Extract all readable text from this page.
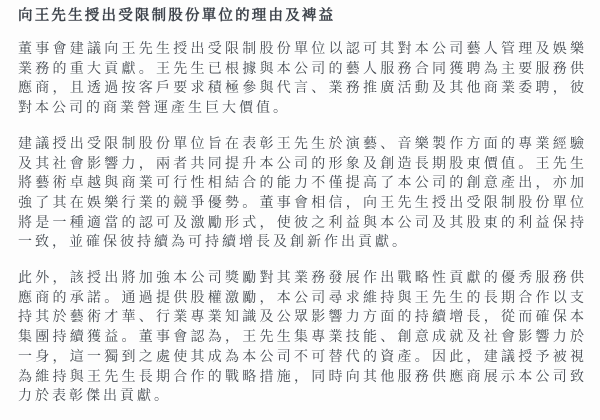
向王先生授出受限制股份單位的理由及裨益

董事會建議向王先生授出受限制股份單位以認可其對本公司藝人管理及娛樂業務的重大貢獻。王先生已根據與本公司的藝人服務合同獲聘為主要服務供應商，且透過按客戶要求積極參與代言、業務推廣活動及其他商業委聘，彼對本公司的商業營運產生巨大價值。

建議授出受限制股份單位旨在表彰王先生於演藝、音樂製作方面的專業經驗及其社會影響力，兩者共同提升本公司的形象及創造長期股東價值。王先生將藝術卓越與商業可行性相結合的能力不僅提高了本公司的創意產出，亦加強了其在娛樂行業的競爭優勢。董事會相信，向王先生授出受限制股份單位將是一種適當的認可及激勵形式，使彼之利益與本公司及其股東的利益保持一致，並確保彼持續為可持續增長及創新作出貢獻。

此外，該授出將加強本公司獎勵對其業務發展作出戰略性貢獻的優秀服務供應商的承諾。通過提供股權激勵，本公司尋求維持與王先生的長期合作以支持其於藝術才華、行業專業知識及公眾影響力方面的持續增長，從而確保本集團持續獲益。董事會認為，王先生集專業技能、創意成就及社會影響力於一身，這一獨到之處使其成為本公司不可替代的資產。因此，建議授予被視為維持與王先生長期合作的戰略措施，同時向其他服務供應商展示本公司致力於表彰傑出貢獻。
